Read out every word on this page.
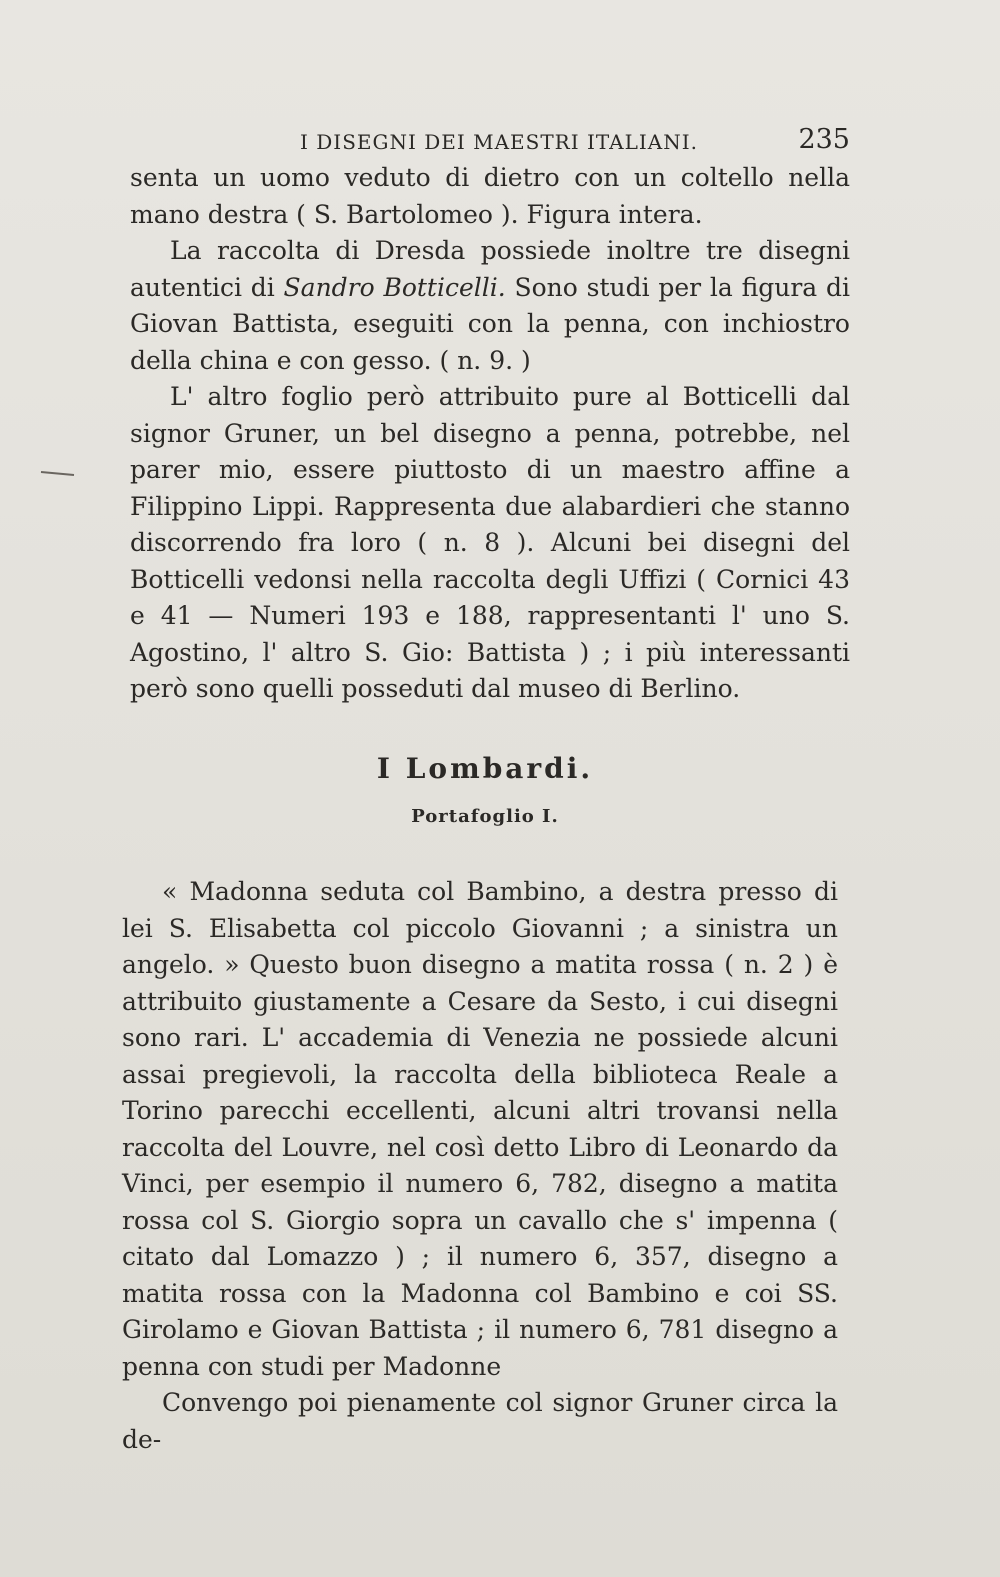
I DISEGNI DEI MAESTRI ITALIANI.	235

senta un uomo veduto di dietro con un coltello nella mano destra ( S. Bartolomeo ). Figura intera.

La raccolta di Dresda possiede inoltre tre disegni autentici di Sandro Botticelli. Sono studi per la figura di Giovan Battista, eseguiti con la penna, con inchiostro della china e con gesso. ( n. 9. )

L' altro foglio però attribuito pure al Botticelli dal signor Gruner, un bel disegno a penna, potrebbe, nel parer mio, essere piuttosto di un maestro affine a Filippino Lippi. Rappresenta due alabardieri che stanno discorrendo fra loro ( n. 8 ). Alcuni bei disegni del Botticelli vedonsi nella raccolta degli Uffizi ( Cornici 43 e 41 — Numeri 193 e 188, rappresentanti l' uno S. Agostino, l' altro S. Gio: Battista ) ; i più interessanti però sono quelli posseduti dal museo di Berlino.

I Lombardi.
Portafoglio I.

« Madonna seduta col Bambino, a destra presso di lei S. Elisabetta col piccolo Giovanni ; a sinistra un angelo. » Questo buon disegno a matita rossa ( n. 2 ) è attribuito giustamente a Cesare da Sesto, i cui disegni sono rari. L' accademia di Venezia ne possiede alcuni assai pregievoli, la raccolta della biblioteca Reale a Torino parecchi eccellenti, alcuni altri trovansi nella raccolta del Louvre, nel così detto Libro di Leonardo da Vinci, per esempio il numero 6, 782, disegno a matita rossa col S. Giorgio sopra un cavallo che s' impenna ( citato dal Lomazzo ) ; il numero 6, 357, disegno a matita rossa con la Madonna col Bambino e coi SS. Girolamo e Giovan Battista ; il numero 6, 781 disegno a penna con studi per Madonne

Convengo poi pienamente col signor Gruner circa la de-
